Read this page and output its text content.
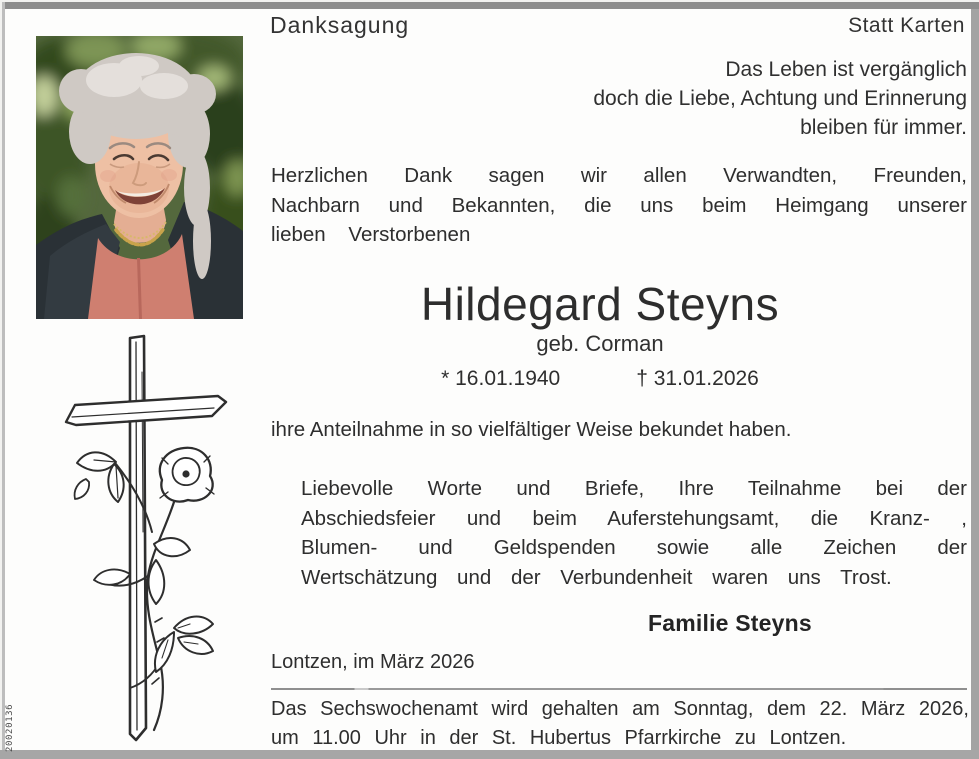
20020136
Danksagung	Statt Karten
Das Leben ist vergänglich
doch die Liebe, Achtung und Erinnerung
bleiben für immer.

Herzlichen Dank sagen wir allen Verwandten, Freunden, Nachbarn und Bekannten, die uns beim Heimgang unserer lieben Verstorbenen

Hildegard Steyns
geb. Corman
* 16.01.1940	† 31.01.2026

ihre Anteilnahme in so vielfältiger Weise bekundet haben.

Liebevolle Worte und Briefe, Ihre Teilnahme bei der Abschiedsfeier und beim Auferstehungsamt, die Kranz- , Blumen- und Geldspenden sowie alle Zeichen der Wertschätzung und der Verbundenheit waren uns Trost.

Familie Steyns
Lontzen, im März 2026
Das Sechswochenamt wird gehalten am Sonntag, dem 22. März 2026,
um 11.00 Uhr in der St. Hubertus Pfarrkirche zu Lontzen.
